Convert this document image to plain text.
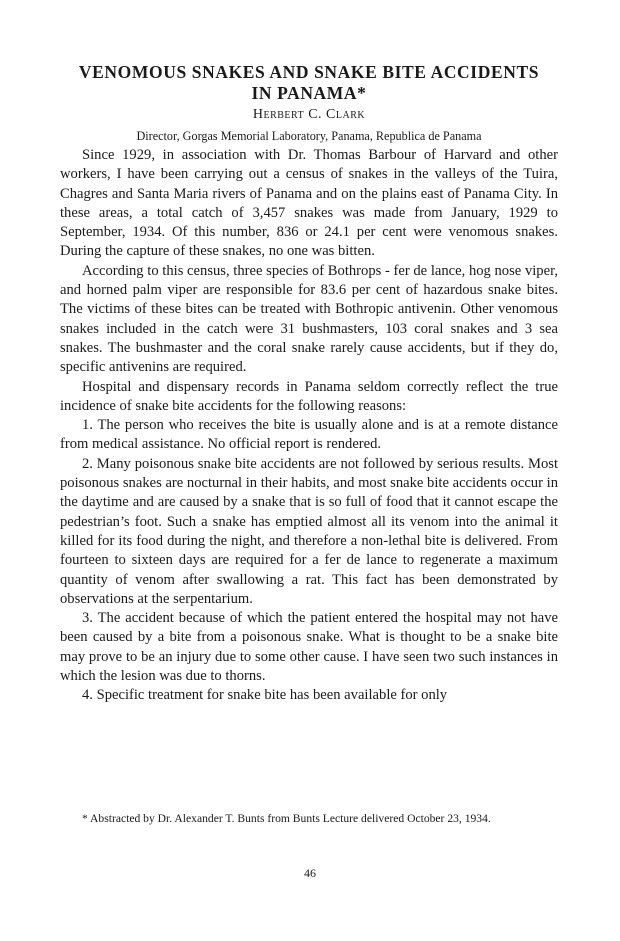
VENOMOUS SNAKES AND SNAKE BITE ACCIDENTS
IN PANAMA*

Herbert C. Clark

Director, Gorgas Memorial Laboratory, Panama, Republica de Panama

Since 1929, in association with Dr. Thomas Barbour of Harvard and other workers, I have been carrying out a census of snakes in the valleys of the Tuira, Chagres and Santa Maria rivers of Panama and on the plains east of Panama City. In these areas, a total catch of 3,457 snakes was made from January, 1929 to September, 1934. Of this number, 836 or 24.1 per cent were venomous snakes. During the capture of these snakes, no one was bitten.

According to this census, three species of Bothrops - fer de lance, hog nose viper, and horned palm viper are responsible for 83.6 per cent of hazardous snake bites. The victims of these bites can be treated with Bothropic antivenin. Other venomous snakes included in the catch were 31 bushmasters, 103 coral snakes and 3 sea snakes. The bushmaster and the coral snake rarely cause accidents, but if they do, specific antivenins are required.

Hospital and dispensary records in Panama seldom correctly reflect the true incidence of snake bite accidents for the following reasons:

1. The person who receives the bite is usually alone and is at a remote distance from medical assistance. No official report is rendered.

2. Many poisonous snake bite accidents are not followed by serious results. Most poisonous snakes are nocturnal in their habits, and most snake bite accidents occur in the daytime and are caused by a snake that is so full of food that it cannot escape the pedestrian’s foot. Such a snake has emptied almost all its venom into the animal it killed for its food during the night, and therefore a non-lethal bite is delivered. From fourteen to sixteen days are required for a fer de lance to regenerate a maximum quantity of venom after swallowing a rat. This fact has been demonstrated by observations at the serpentarium.

3. The accident because of which the patient entered the hospital may not have been caused by a bite from a poisonous snake. What is thought to be a snake bite may prove to be an injury due to some other cause. I have seen two such instances in which the lesion was due to thorns.

4. Specific treatment for snake bite has been available for only

* Abstracted by Dr. Alexander T. Bunts from Bunts Lecture delivered October 23, 1934.

46
